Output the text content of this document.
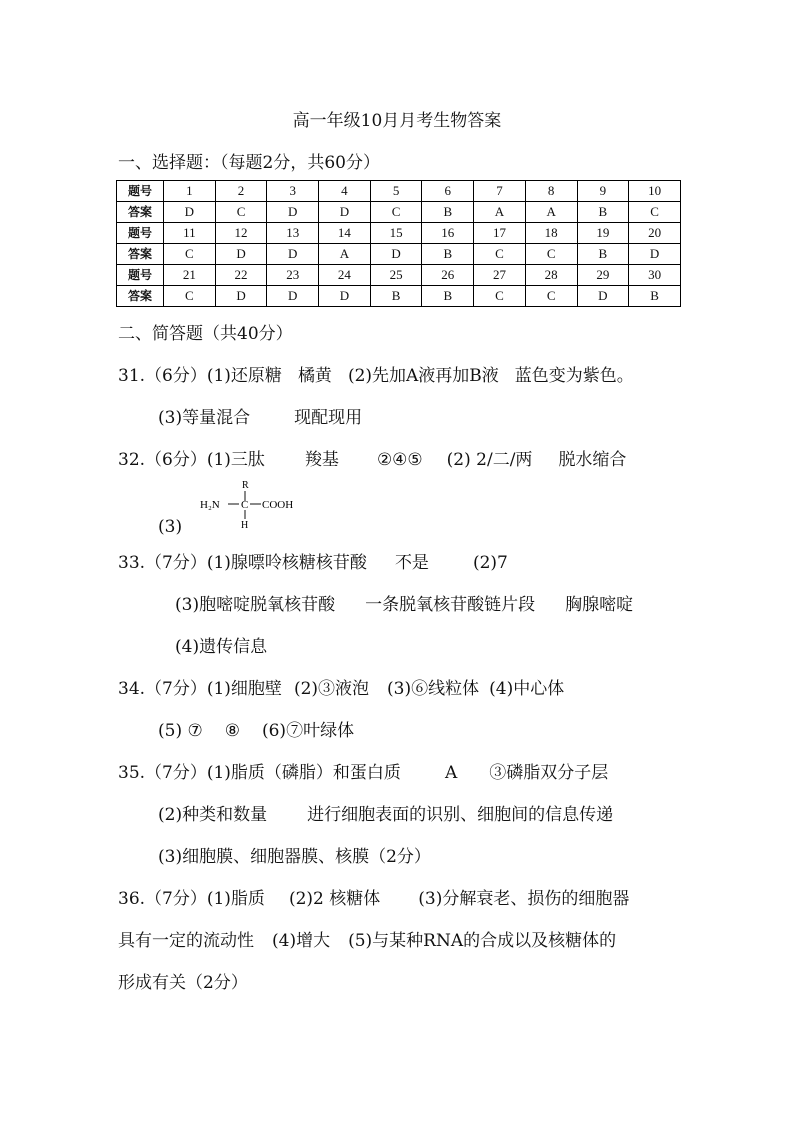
高一年级10月月考生物答案
一、选择题：（每题2分，共60分）
题号	1	2	3	4	5	6	7	8	9	10
答案	D	C	D	D	C	B	A	A	B	C
题号	11	12	13	14	15	16	17	18	19	20
答案	C	D	D	A	D	B	C	C	B	D
题号	21	22	23	24	25	26	27	28	29	30
答案	C	D	D	D	B	B	C	C	D	B
二、简答题（共40分）
31.（6分）(1)还原糖 橘黄 (2)先加A液再加B液 蓝色变为紫色。
(3)等量混合	现配现用
32.（6分）(1)三肽 羧基 ②④⑤ (2) 2/二/两 脱水缩合
R
H₂N C COOH
H
(3)
33.（7分）(1)腺嘌呤核糖核苷酸 不是	(2)7
(3)胞嘧啶脱氧核苷酸 一条脱氧核苷酸链片段 胸腺嘧啶
(4)遗传信息
34.（7分）(1)细胞壁 (2)③液泡 (3)⑥线粒体 (4)中心体
(5) ⑦ ⑧ (6)⑦叶绿体
35.（7分）(1)脂质（磷脂）和蛋白质	A ③磷脂双分子层
(2)种类和数量 进行细胞表面的识别、细胞间的信息传递
(3)细胞膜、细胞器膜、核膜（2分）
36.（7分）(1)脂质 (2)2 核糖体 (3)分解衰老、损伤的细胞器
具有一定的流动性 (4)增大 (5)与某种RNA的合成以及核糖体的
形成有关（2分）
